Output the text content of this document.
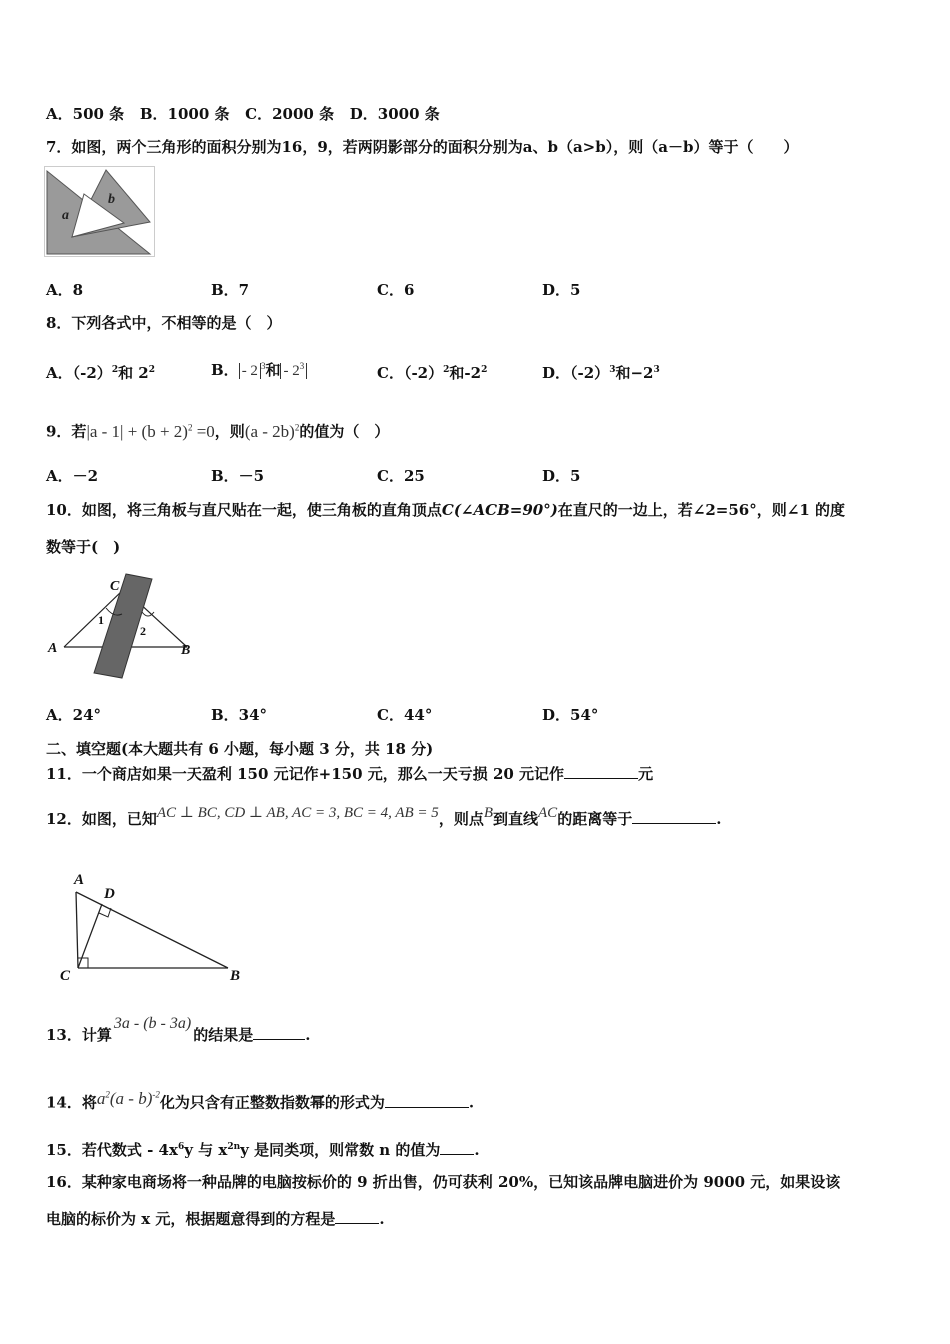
A．500 条 B．1000 条 C．2000 条 D．3000 条
7．如图，两个三角形的面积分别为16，9，若两阴影部分的面积分别为a、b（a>b），则（a－b）等于（　　）
a
b
A．8	B．7	C．6	D．5
8．下列各式中，不相等的是（　）
A．$(-2)^2$和 $2^2$	B． - 2 $^3$和 - $2^3$	C．$(-2)^2$和$-2^2$	D．$(-2)^3$和$-2^3$
9．若$|a - 1| + (b + 2)^2 =0$，则(a - 2b)$^2$的值为（　）
A．－2	B．－5	C．25	D．5
10．如图，将三角板与直尺贴在一起，使三角板的直角顶点C(∠ACB=90°)在直尺的一边上，若∠2=56°，则∠1 的度
数等于(　)
C
A	B
1
2
A．24°	B．34°	C．44°	D．54°
二、填空题(本大题共有 6 小题，每小题 3 分，共 18 分)
11．一个商店如果一天盈利 150 元记作+150 元，那么一天亏损 20 元记作	元
12．如图，已知AC ⊥ BC, CD ⊥ AB, AC = 3, BC = 4, AB = 5，则点B到直线AC的距离等于	.
A
D
C	B
13．计算3a - (b - 3a)的结果是	.
14．将$a^2(a - b)^{-2}$化为只含有正整数指数幂的形式为	.
15．若代数式 - $4x^6y$ 与 $x^{2n}y$ 是同类项，则常数 n 的值为 .
16．某种家电商场将一种品牌的电脑按标价的 9 折出售，仍可获利 20%，已知该品牌电脑进价为 9000 元，如果设该
电脑的标价为 x 元，根据题意得到的方程是	.
